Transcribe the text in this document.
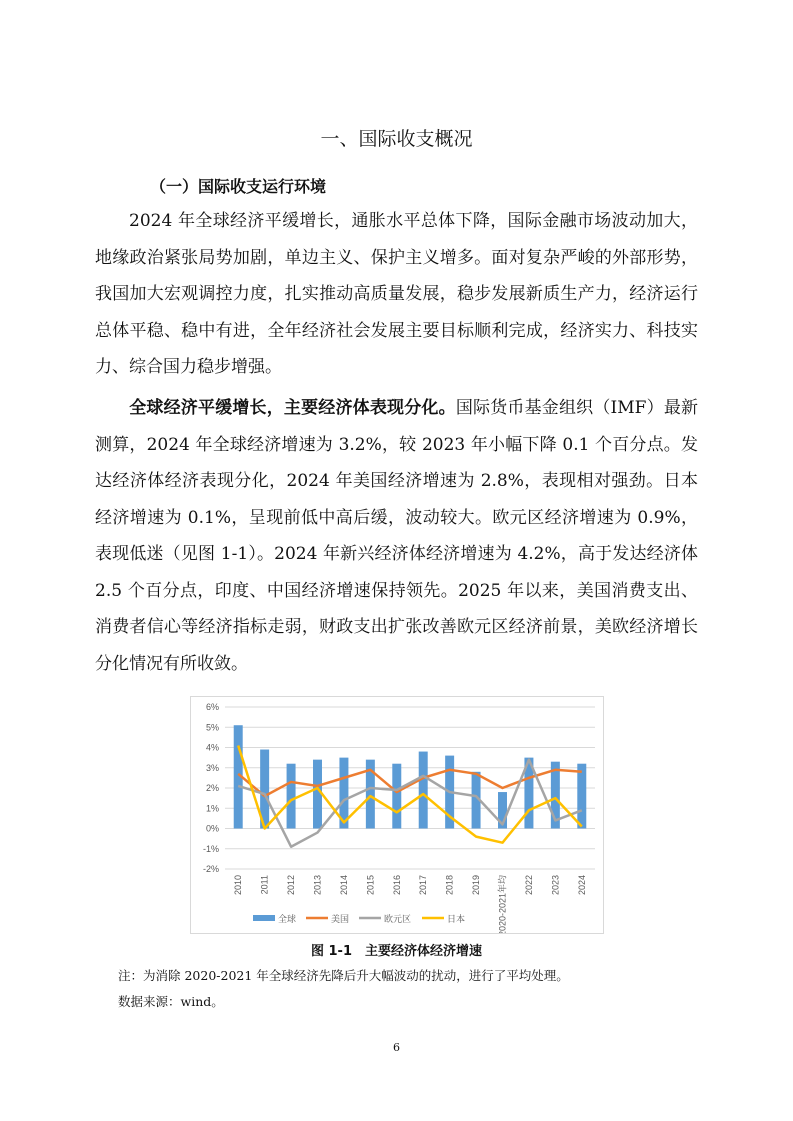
一、国际收支概况
（一）国际收支运行环境

2024 年全球经济平缓增长，通胀水平总体下降，国际金融市场波动加大，地缘政治紧张局势加剧，单边主义、保护主义增多。面对复杂严峻的外部形势，我国加大宏观调控力度，扎实推动高质量发展，稳步发展新质生产力，经济运行总体平稳、稳中有进，全年经济社会发展主要目标顺利完成，经济实力、科技实力、综合国力稳步增强。

全球经济平缓增长，主要经济体表现分化。国际货币基金组织（IMF）最新测算，2024 年全球经济增速为 3.2%，较 2023 年小幅下降 0.1 个百分点。发达经济体经济表现分化，2024 年美国经济增速为 2.8%，表现相对强劲。日本经济增速为 0.1%，呈现前低中高后缓，波动较大。欧元区经济增速为 0.9%，表现低迷（见图 1-1）。2024 年新兴经济体经济增速为 4.2%，高于发达经济体 2.5 个百分点，印度、中国经济增速保持领先。2025 年以来，美国消费支出、消费者信心等经济指标走弱，财政支出扩张改善欧元区经济前景，美欧经济增长分化情况有所收敛。

6%
5%
4%
3%
2%
1%
0%
-1%
-2%
2010 2011 2012 2013 2014 2015 2016 2017 2018 2019 2020-2021年均 2022 2023 2024
全球	美国	欧元区	日本
图 1-1　主要经济体经济增速
注：为消除 2020-2021 年全球经济先降后升大幅波动的扰动，进行了平均处理。
数据来源：wind。
6
